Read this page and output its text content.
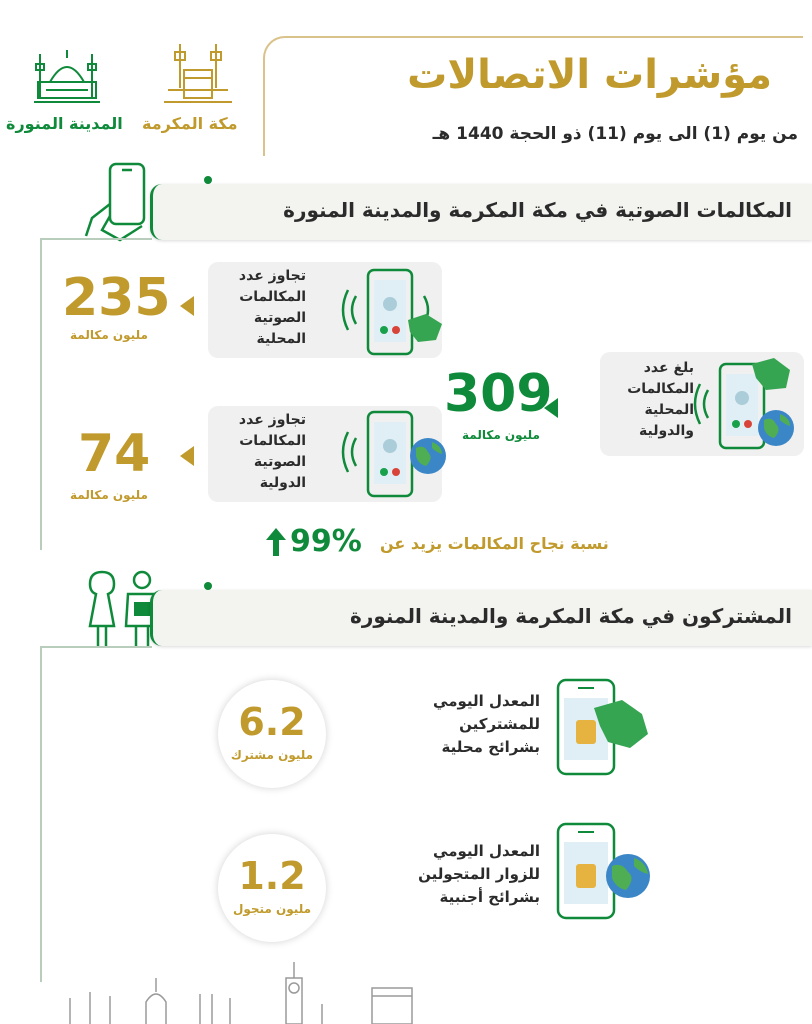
مؤشرات الاتصالات
من يوم (1) الى يوم (11) ذو الحجة 1440 هـ
المدينة المنورة مكة المكرمة
المكالمات الصوتية في مكة المكرمة والمدينة المنورة
تجاوز عدد
المكالمات
الصوتية
المحلية
235
مليون مكالمة
تجاوز عدد
المكالمات
الصوتية
الدولية
74
مليون مكالمة
بلغ عدد
المكالمات
المحلية
والدولية
309
مليون مكالمة
نسبة نجاح المكالمات يزيد عن
99%
المشتركون في مكة المكرمة والمدينة المنورة
المعدل اليومي
للمشتركين
بشرائح محلية
6.2
مليون مشترك
المعدل اليومي
للزوار المتجولين
بشرائح أجنبية
1.2
مليون متجول
